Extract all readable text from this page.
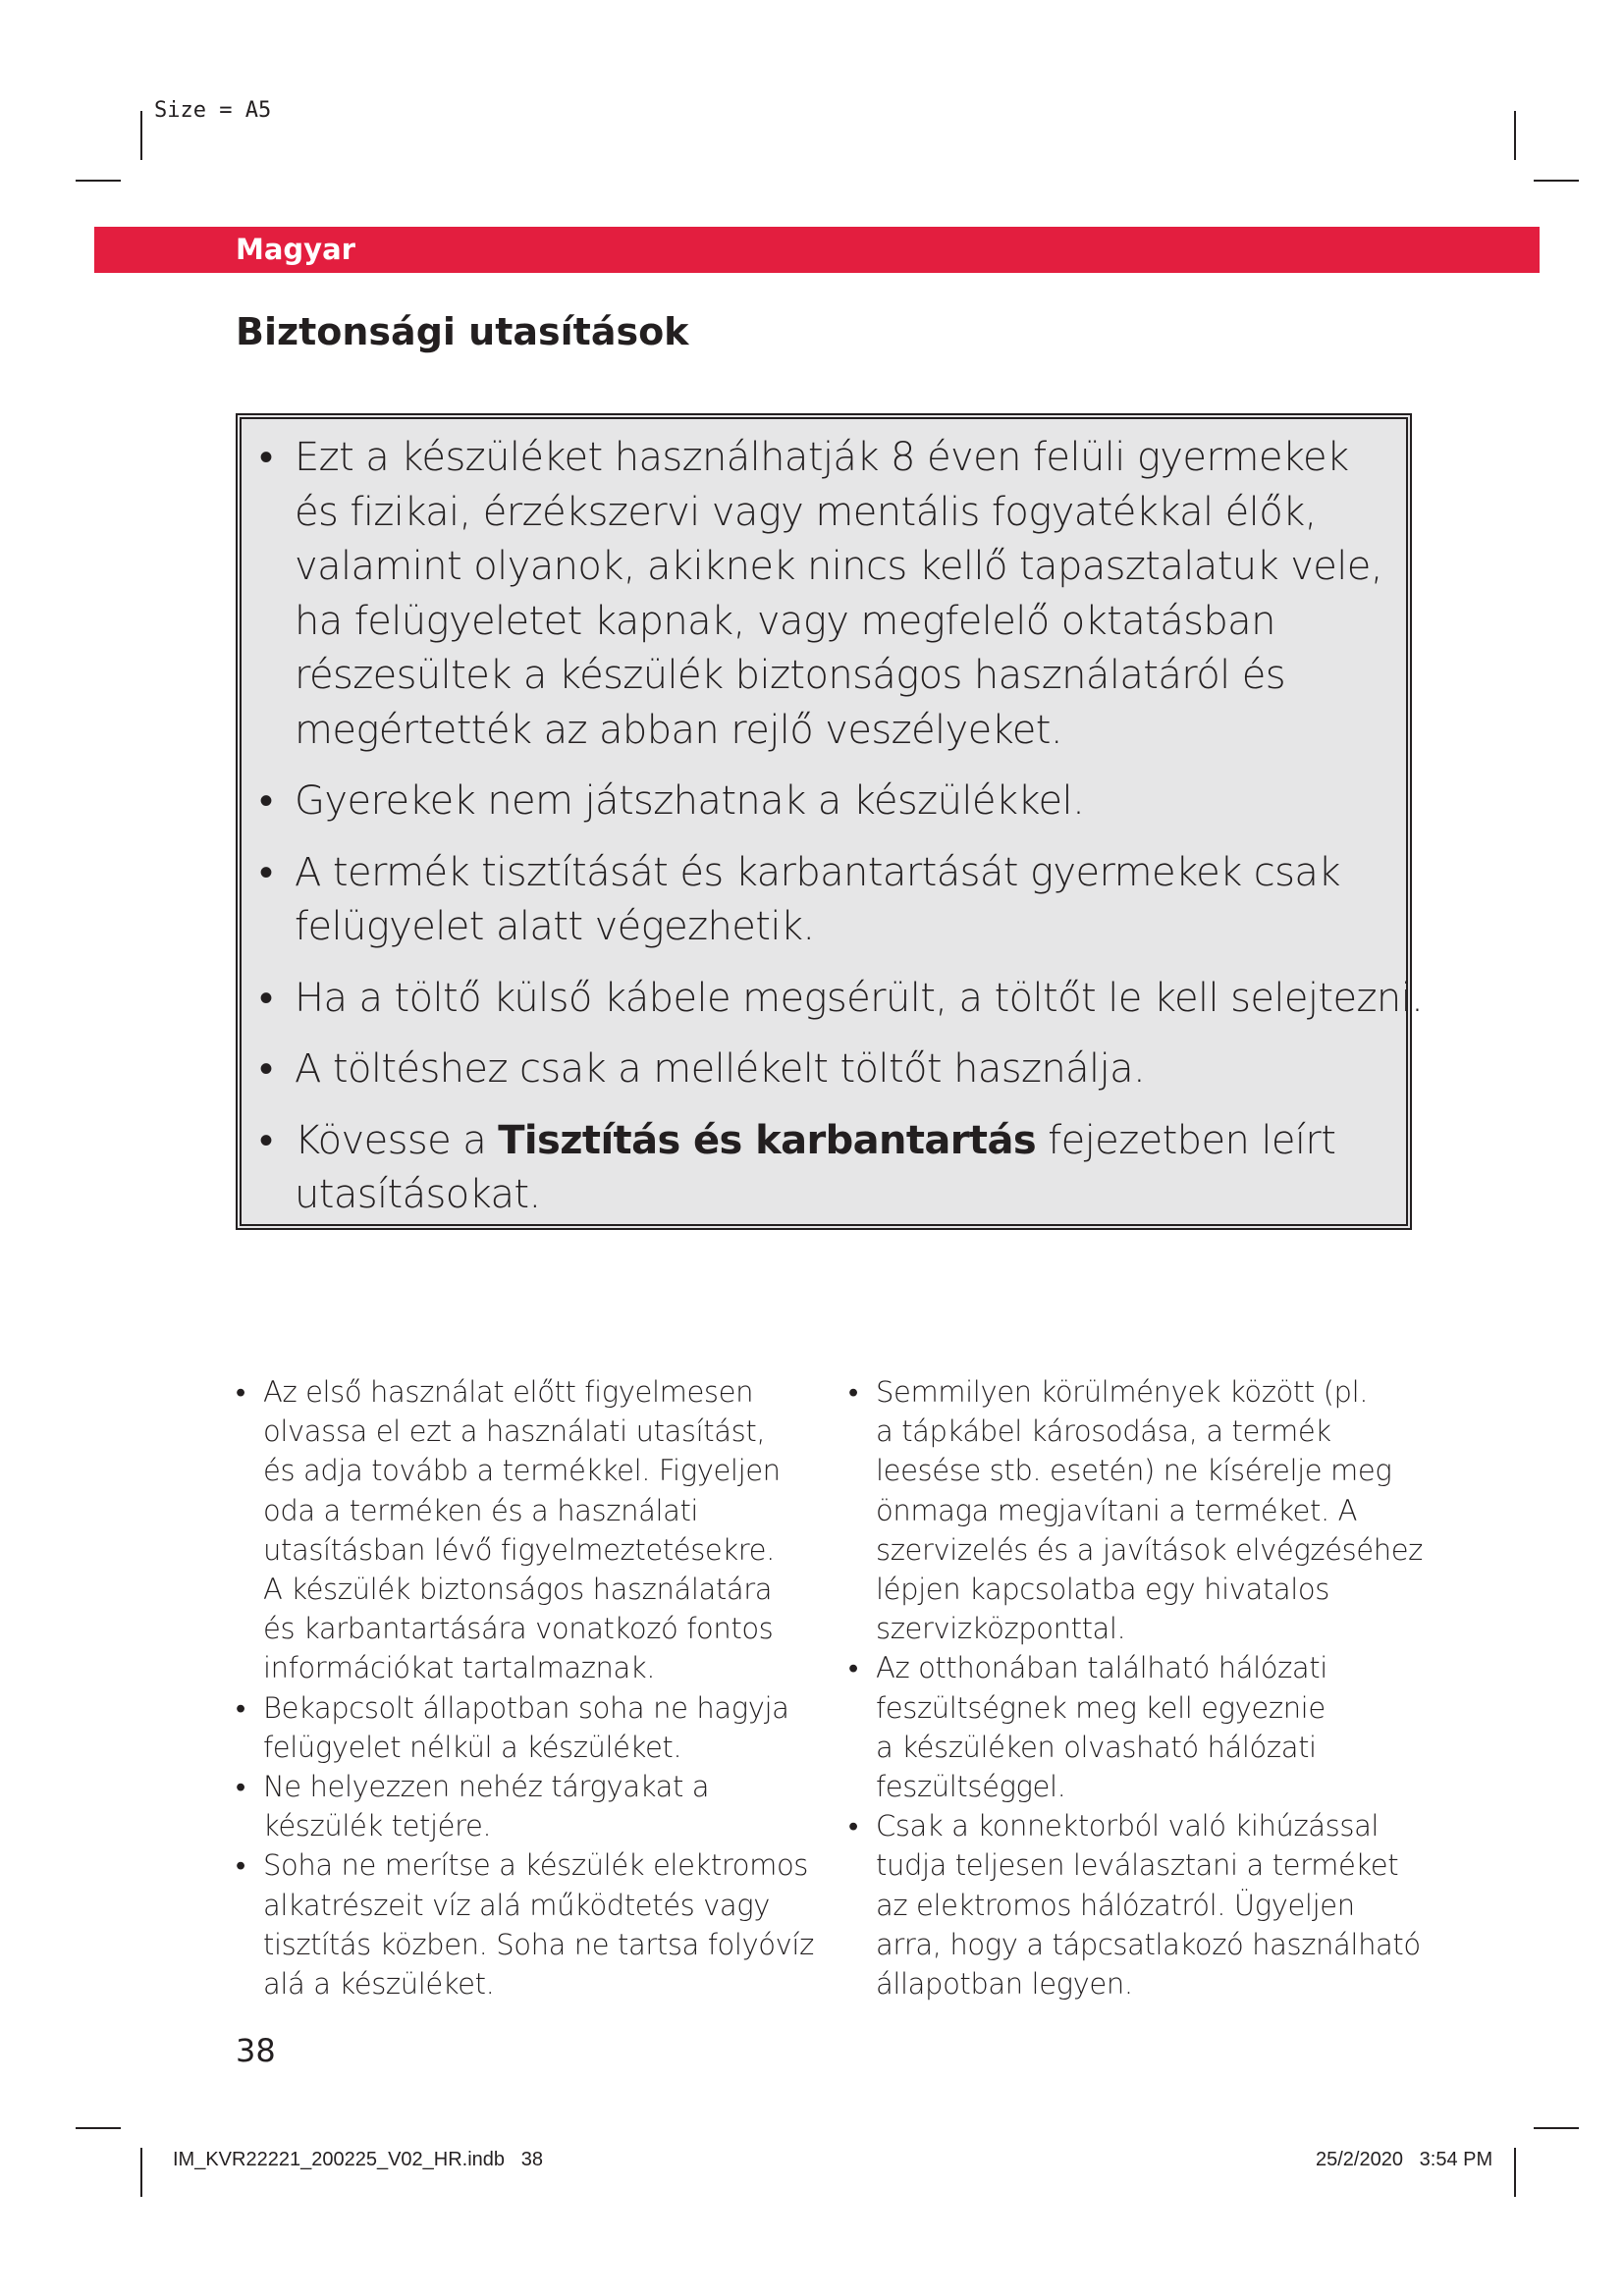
Size = A5
Magyar
Biztonsági utasítások
• Ezt a készüléket használhatják 8 éven felüli gyermekek
és fizikai, érzékszervi vagy mentális fogyatékkal élők,
valamint olyanok, akiknek nincs kellő tapasztalatuk vele,
ha felügyeletet kapnak, vagy megfelelő oktatásban
részesültek a készülék biztonságos használatáról és
megértették az abban rejlő veszélyeket.
• Gyerekek nem játszhatnak a készülékkel.
• A termék tisztítását és karbantartását gyermekek csak
felügyelet alatt végezhetik.
• Ha a töltő külső kábele megsérült, a töltőt le kell selejtezni.
• A töltéshez csak a mellékelt töltőt használja.
• Kövesse a Tisztítás és karbantartás fejezetben leírt
utasításokat.
• Az első használat előtt figyelmesen
olvassa el ezt a használati utasítást,
és adja tovább a termékkel. Figyeljen
oda a terméken és a használati
utasításban lévő figyelmeztetésekre.
A készülék biztonságos használatára
és karbantartására vonatkozó fontos
információkat tartalmaznak.
• Bekapcsolt állapotban soha ne hagyja
felügyelet nélkül a készüléket.
• Ne helyezzen nehéz tárgyakat a
készülék tetjére.
• Soha ne merítse a készülék elektromos
alkatrészeit víz alá működtetés vagy
tisztítás közben. Soha ne tartsa folyóvíz
alá a készüléket.
• Semmilyen körülmények között (pl.
a tápkábel károsodása, a termék
leesése stb. esetén) ne kísérelje meg
önmaga megjavítani a terméket. A
szervizelés és a javítások elvégzéséhez
lépjen kapcsolatba egy hivatalos
szervizközponttal.
• Az otthonában található hálózati
feszültségnek meg kell egyeznie
a készüléken olvasható hálózati
feszültséggel.
• Csak a konnektorból való kihúzással
tudja teljesen leválasztani a terméket
az elektromos hálózatról. Ügyeljen
arra, hogy a tápcsatlakozó használható
állapotban legyen.
38
IM_KVR22221_200225_V02_HR.indb   38	25/2/2020   3:54 PM
